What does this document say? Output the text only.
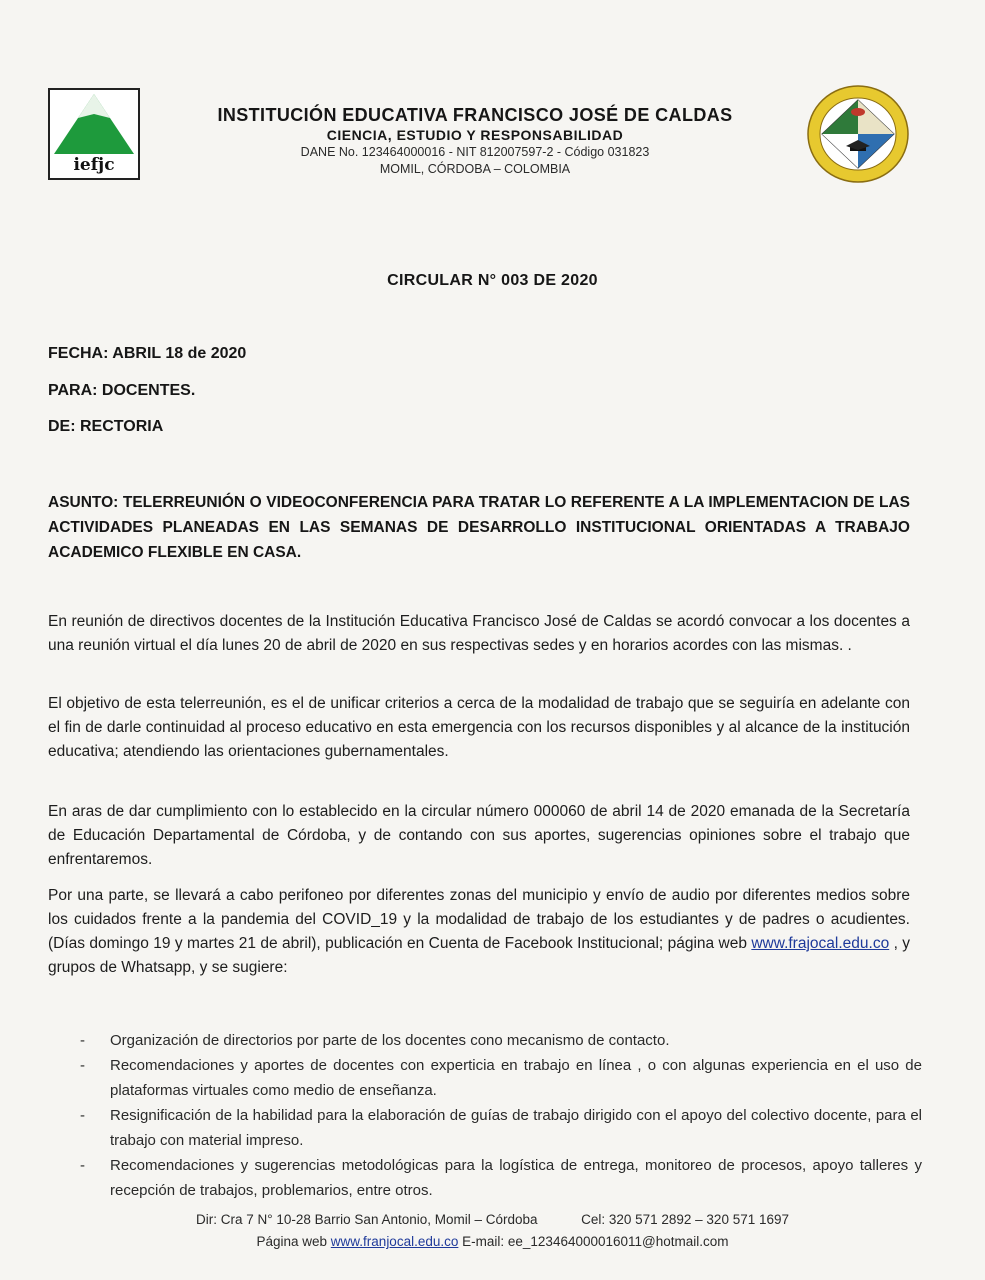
iefjc
INSTITUCIÓN EDUCATIVA FRANCISCO JOSÉ DE CALDAS
CIENCIA, ESTUDIO Y RESPONSABILIDAD
DANE No. 123464000016 - NIT 812007597-2 - Código 031823
MOMIL, CÓRDOBA – COLOMBIA
CIRCULAR N° 003 DE 2020
FECHA: ABRIL 18 de 2020
PARA: DOCENTES.
DE: RECTORIA
ASUNTO: TELERREUNIÓN O VIDEOCONFERENCIA PARA TRATAR LO REFERENTE A LA IMPLEMENTACION DE LAS ACTIVIDADES PLANEADAS EN LAS SEMANAS DE DESARROLLO INSTITUCIONAL ORIENTADAS A TRABAJO ACADEMICO FLEXIBLE EN CASA.
En reunión de directivos docentes de la Institución Educativa Francisco José de Caldas se acordó convocar a los docentes a una reunión virtual el día lunes 20 de abril de 2020 en sus respectivas sedes y en horarios acordes con las mismas. .
El objetivo de esta telerreunión, es el de unificar criterios a cerca de la modalidad de trabajo que se seguiría en adelante con el fin de darle continuidad al proceso educativo en esta emergencia con los recursos disponibles y al alcance de la institución educativa; atendiendo las orientaciones gubernamentales.
En aras de dar cumplimiento con lo establecido en la circular número 000060 de abril 14 de 2020 emanada de la Secretaría de Educación Departamental de Córdoba, y de contando con sus aportes, sugerencias opiniones sobre el trabajo que enfrentaremos.
Por una parte, se llevará a cabo perifoneo por diferentes zonas del municipio y envío de audio por diferentes medios sobre los cuidados frente a la pandemia del COVID_19 y la modalidad de trabajo de los estudiantes y de padres o acudientes. (Días domingo 19 y martes 21 de abril), publicación en Cuenta de Facebook Institucional; página web www.frajocal.edu.co , y grupos de Whatsapp, y se sugiere:
- Organización de directorios por parte de los docentes cono mecanismo de contacto.
- Recomendaciones y aportes de docentes con experticia en trabajo en línea , o con algunas experiencia en el uso de plataformas virtuales como medio de enseñanza.
- Resignificación de la habilidad para la elaboración de guías de trabajo dirigido con el apoyo del colectivo docente, para el trabajo con material impreso.
- Recomendaciones y sugerencias metodológicas para la logística de entrega, monitoreo de procesos, apoyo talleres y recepción de trabajos, problemarios, entre otros.
Dir: Cra 7 N° 10-28 Barrio San Antonio, Momil – Córdoba	Cel: 320 571 2892 – 320 571 1697
Página web www.franjocal.edu.co E-mail: ee_123464000016011@hotmail.com
